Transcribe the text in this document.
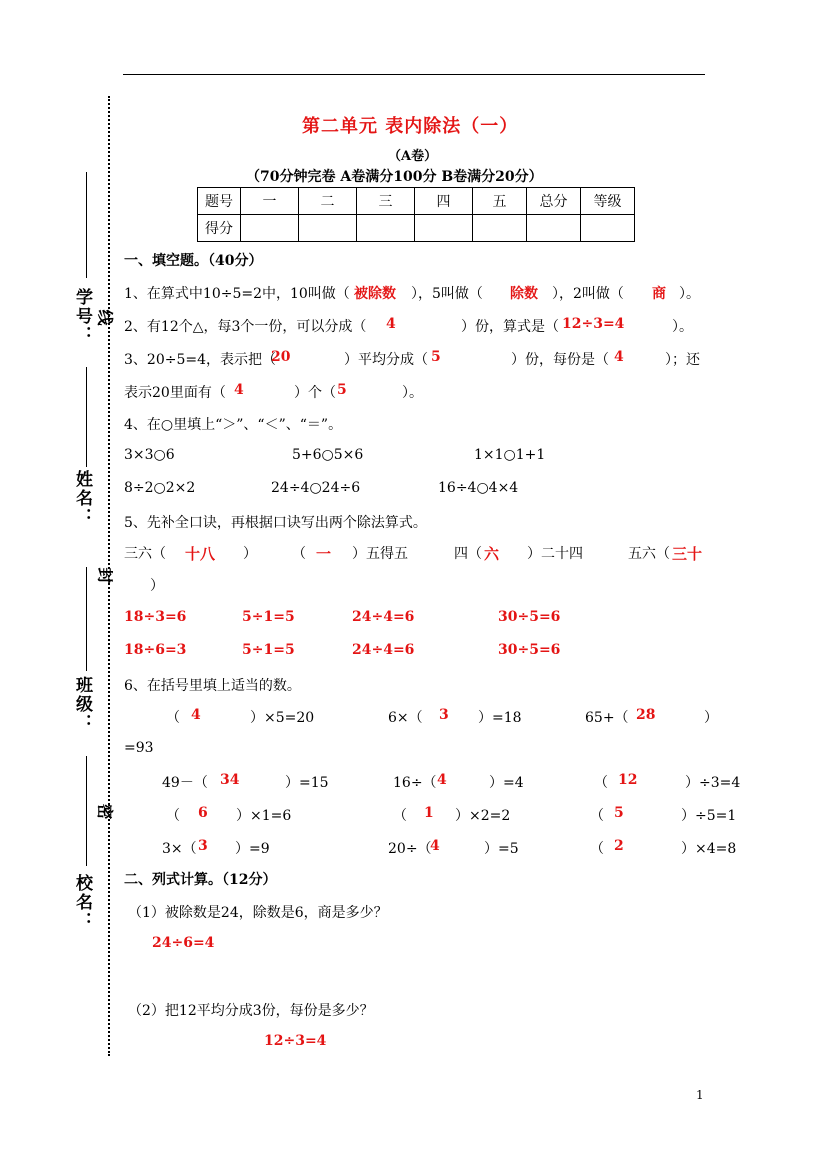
学号：
姓名：
班级：
校名：
线
封
密
第二单元 表内除法（一）
（A卷）
（70分钟完卷 A卷满分100分 B卷满分20分）
题号	一	二	三	四	五	总分	等级
得分							
一、填空题。（40分）
1、在算式中10÷5=2中，10叫做（ 被除数 ），5叫做（ 除数 ），2叫做（ 商 ）。
2、有12个△，每3个一份，可以分成（ 4	）份，算式是（ 12÷3=4	）。
3、20÷5=4，表示把（
20	）平均分成（ 5	）份，每份是（ 4	）；还
表示20里面有（ 4	）个（ 5	）。
4、在○里填上“＞”、“＜”、“＝”。
3×3○6	5+6○5×6	1×1○1+1
8÷2○2×2	24÷4○24÷6	16÷4○4×4
5、先补全口诀，再根据口诀写出两个除法算式。
三六（ 十八 ）	（ 一 ）五得五	四（ 六 ）二十四	五六（ 三十
）
18÷3=6	5÷1=5	24÷4=6	30÷5=6
18÷6=3	5÷1=5	24÷4=6	30÷5=6
6、在括号里填上适当的数。
（ 4	）×5=20	6×（ 3 ）=18	65+（ 28	）
=93
49－（ 34	）=15	16÷（ 4	）=4	（ 12	）÷3=4
（ 6 ）×1=6	（ 1 ）×2=2	（ 5	）÷5=1
3×（ 3 ）=9	20÷（
4	）=5	（ 2	）×4=8
二、列式计算。（12分）
（1）被除数是24，除数是6，商是多少？
24÷6=4
（2）把12平均分成3份，每份是多少？
12÷3=4
1
